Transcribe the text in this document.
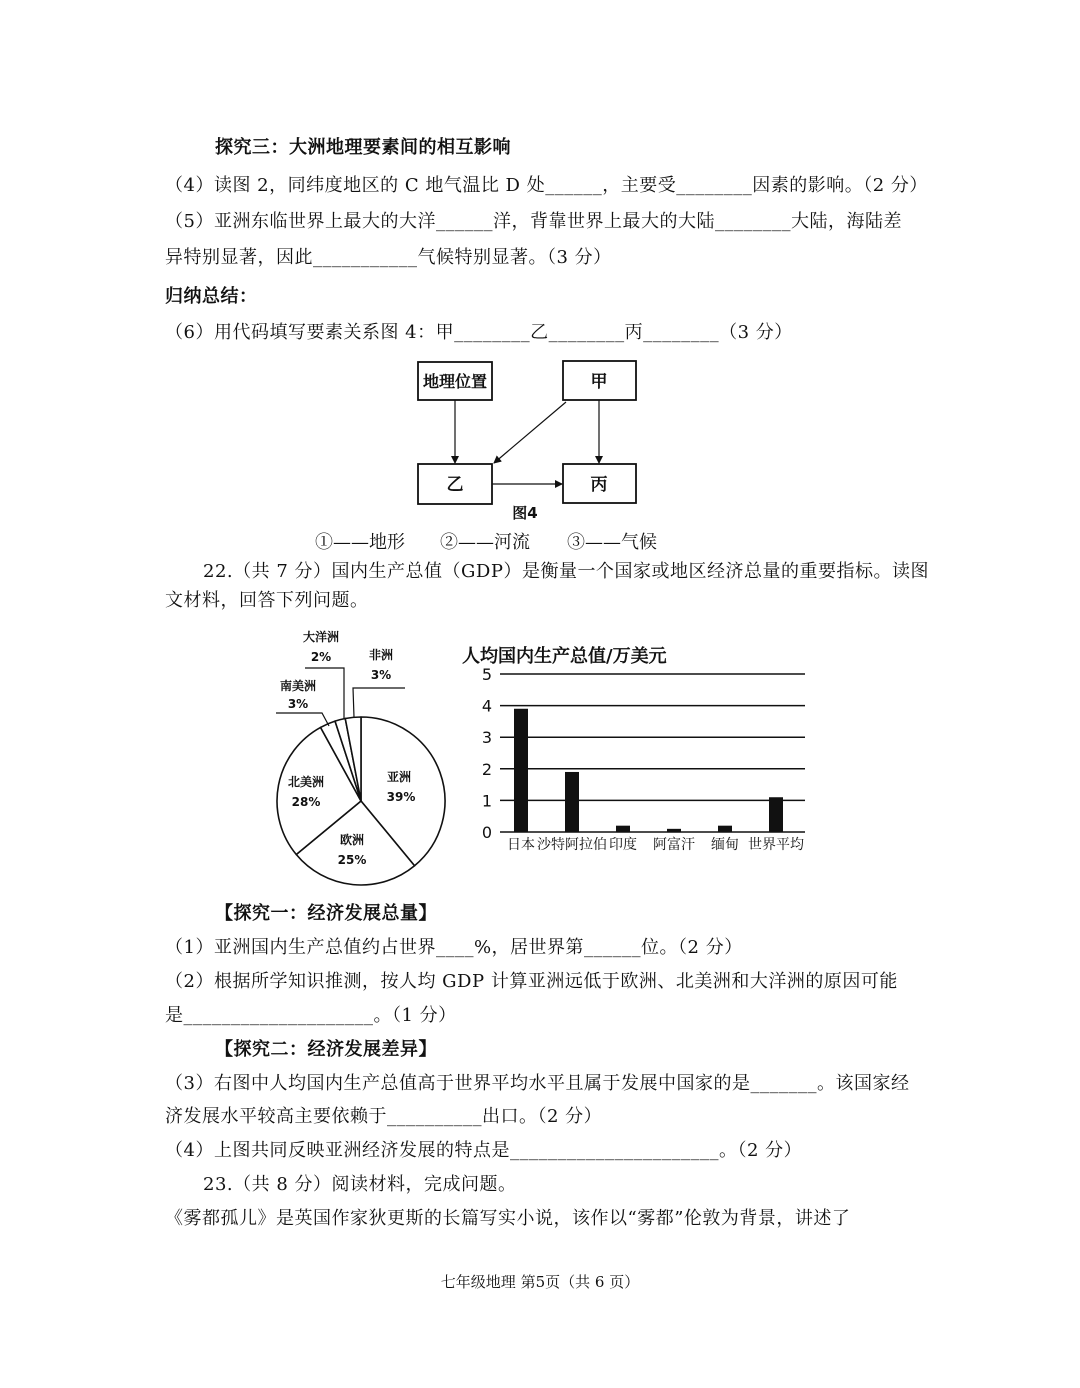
探究三：大洲地理要素间的相互影响
（4）读图 2，同纬度地区的 C 地气温比 D 处______，主要受________因素的影响。（2 分）
（5）亚洲东临世界上最大的大洋______洋，背靠世界上最大的大陆________大陆，海陆差
异特别显著，因此___________气候特别显著。（3 分）
归纳总结：
（6）用代码填写要素关系图 4：甲________乙________丙________（3 分）
地理位置	甲
乙	丙
图4
①——地形 ②——河流 ③——气候
22.（共 7 分）国内生产总值（GDP）是衡量一个国家或地区经济总量的重要指标。读图
文材料，回答下列问题。
亚洲
39%
欧洲
25%
北美洲
28%
南美洲
3%
大洋洲
2%	非洲
3%
人均国内生产总值/万美元
0
1
2
3
4
5
日本 沙特阿拉伯 印度 阿富汗 缅甸 世界平均
【探究一：经济发展总量】
（1）亚洲国内生产总值约占世界____%，居世界第______位。（2 分）
（2）根据所学知识推测，按人均 GDP 计算亚洲远低于欧洲、北美洲和大洋洲的原因可能
是____________________。（1 分）
【探究二：经济发展差异】
（3）右图中人均国内生产总值高于世界平均水平且属于发展中国家的是_______。该国家经
济发展水平较高主要依赖于__________出口。（2 分）
（4）上图共同反映亚洲经济发展的特点是______________________。（2 分）
23.（共 8 分）阅读材料，完成问题。
《雾都孤儿》是英国作家狄更斯的长篇写实小说，该作以“雾都”伦敦为背景，讲述了
七年级地理 第5页（共 6 页）
